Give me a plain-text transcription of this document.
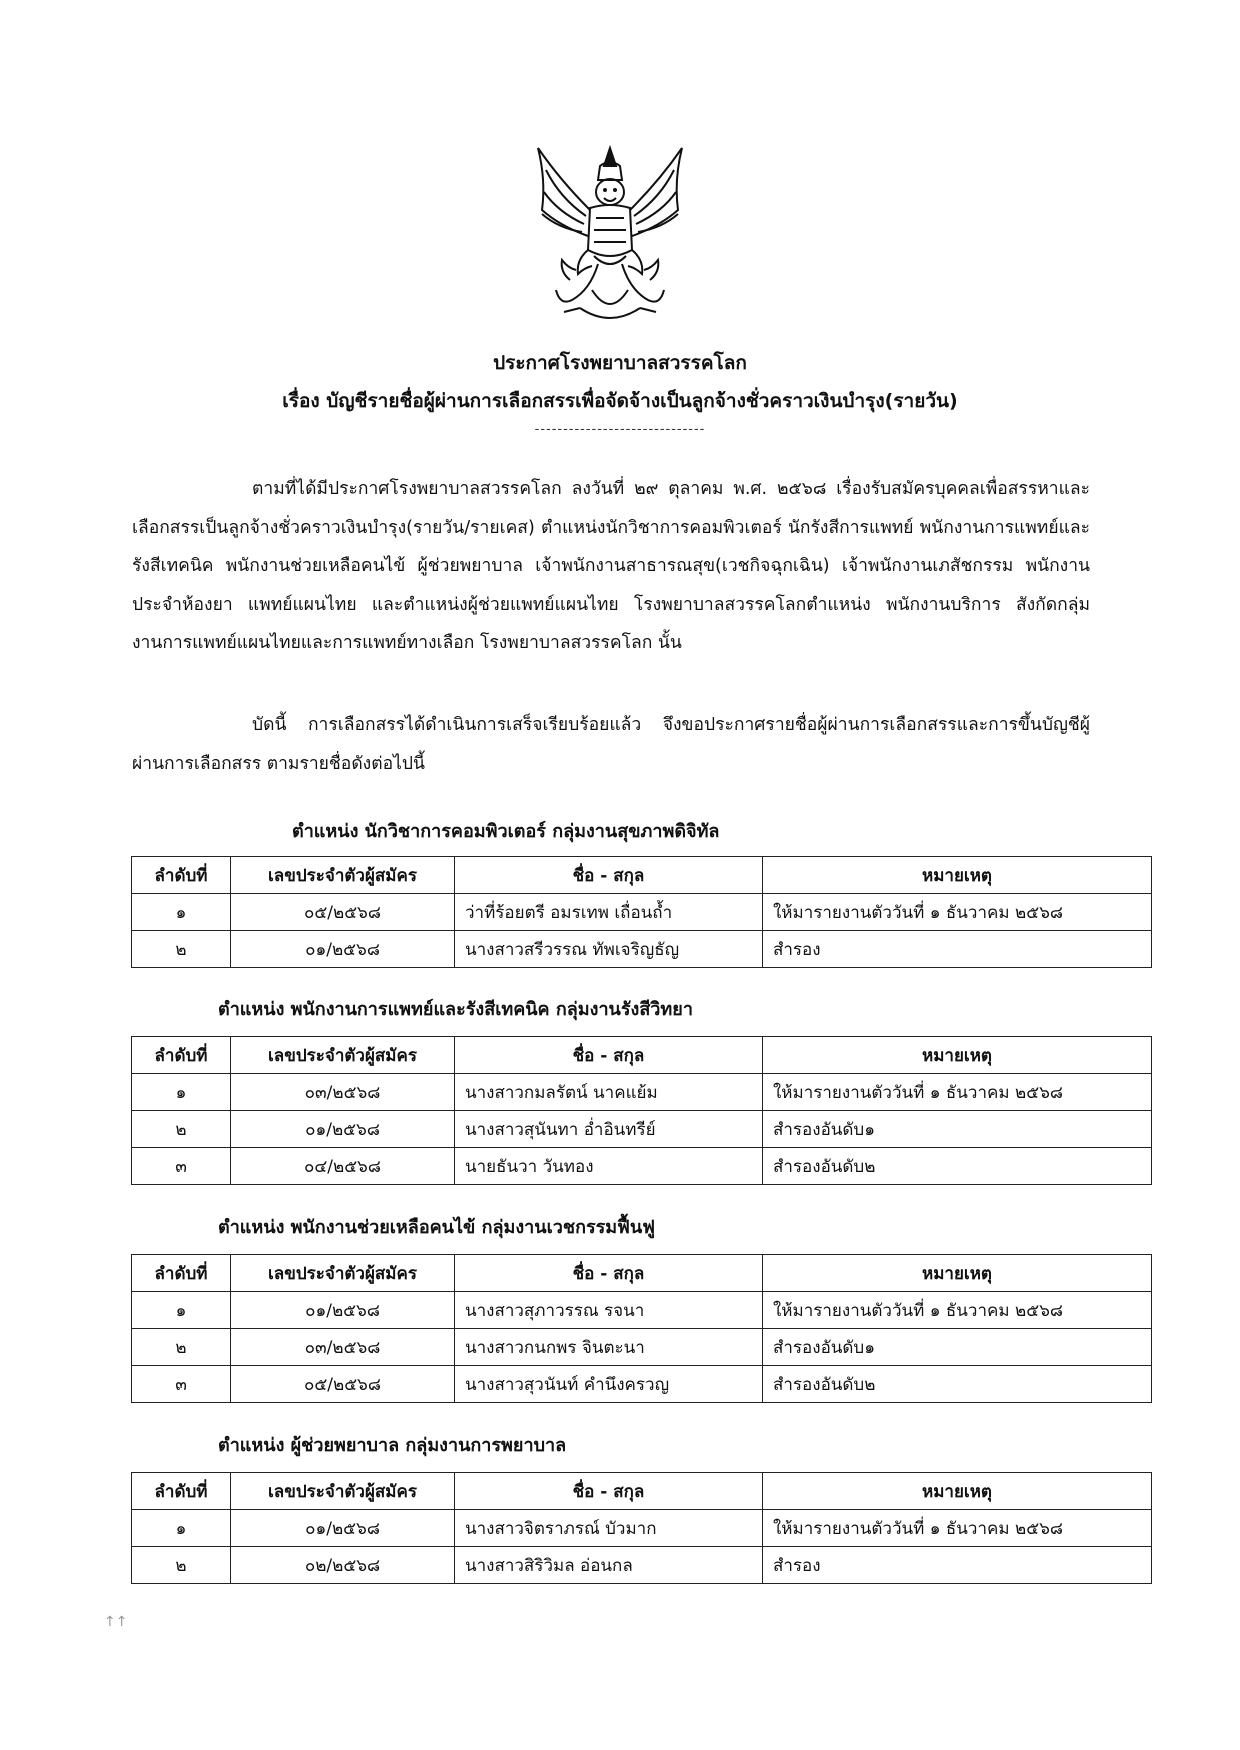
ประกาศโรงพยาบาลสวรรคโลก
เรื่อง บัญชีรายชื่อผู้ผ่านการเลือกสรรเพื่อจัดจ้างเป็นลูกจ้างชั่วคราวเงินบำรุง(รายวัน)
------------------------------

ตามที่ได้มีประกาศโรงพยาบาลสวรรคโลก ลงวันที่ ๒๙ ตุลาคม พ.ศ. ๒๕๖๘ เรื่องรับสมัครบุคคลเพื่อสรรหาและเลือกสรรเป็นลูกจ้างชั่วคราวเงินบำรุง(รายวัน/รายเคส) ตำแหน่งนักวิชาการคอมพิวเตอร์ นักรังสีการแพทย์ พนักงานการแพทย์และรังสีเทคนิค พนักงานช่วยเหลือคนไข้ ผู้ช่วยพยาบาล เจ้าพนักงานสาธารณสุข(เวชกิจฉุกเฉิน) เจ้าพนักงานเภสัชกรรม พนักงานประจำห้องยา แพทย์แผนไทย และตำแหน่งผู้ช่วยแพทย์แผนไทย โรงพยาบาลสวรรคโลกตำแหน่ง พนักงานบริการ สังกัดกลุ่มงานการแพทย์แผนไทยและการแพทย์ทางเลือก โรงพยาบาลสวรรคโลก นั้น

บัดนี้ การเลือกสรรได้ดำเนินการเสร็จเรียบร้อยแล้ว จึงขอประกาศรายชื่อผู้ผ่านการเลือกสรรและการขึ้นบัญชีผู้ผ่านการเลือกสรร ตามรายชื่อดังต่อไปนี้

ตำแหน่ง นักวิชาการคอมพิวเตอร์ กลุ่มงานสุขภาพดิจิทัล
ลำดับที่	เลขประจำตัวผู้สมัคร	ชื่อ - สกุล	หมายเหตุ
๑	๐๕/๒๕๖๘	ว่าที่ร้อยตรี อมรเทพ เถื่อนถ้ำ	ให้มารายงานตัววันที่ ๑ ธันวาคม ๒๕๖๘
๒	๐๑/๒๕๖๘	นางสาวสรีวรรณ ทัพเจริญธัญ	สำรอง
ตำแหน่ง พนักงานการแพทย์และรังสีเทคนิค กลุ่มงานรังสีวิทยา
ลำดับที่	เลขประจำตัวผู้สมัคร	ชื่อ - สกุล	หมายเหตุ
๑	๐๓/๒๕๖๘	นางสาวกมลรัตน์ นาคแย้ม	ให้มารายงานตัววันที่ ๑ ธันวาคม ๒๕๖๘
๒	๐๑/๒๕๖๘	นางสาวสุนันทา อ่ำอินทรีย์	สำรองอันดับ๑
๓	๐๔/๒๕๖๘	นายธันวา วันทอง	สำรองอันดับ๒
ตำแหน่ง พนักงานช่วยเหลือคนไข้ กลุ่มงานเวชกรรมฟื้นฟู
ลำดับที่	เลขประจำตัวผู้สมัคร	ชื่อ - สกุล	หมายเหตุ
๑	๐๑/๒๕๖๘	นางสาวสุภาวรรณ รจนา	ให้มารายงานตัววันที่ ๑ ธันวาคม ๒๕๖๘
๒	๐๓/๒๕๖๘	นางสาวกนกพร จินตะนา	สำรองอันดับ๑
๓	๐๕/๒๕๖๘	นางสาวสุวนันท์ คำนึงครวญ	สำรองอันดับ๒
ตำแหน่ง ผู้ช่วยพยาบาล กลุ่มงานการพยาบาล
ลำดับที่	เลขประจำตัวผู้สมัคร	ชื่อ - สกุล	หมายเหตุ
๑	๐๑/๒๕๖๘	นางสาวจิตราภรณ์ บัวมาก	ให้มารายงานตัววันที่ ๑ ธันวาคม ๒๕๖๘
๒	๐๒/๒๕๖๘	นางสาวสิริวิมล อ่อนกล	สำรอง
↑↑
